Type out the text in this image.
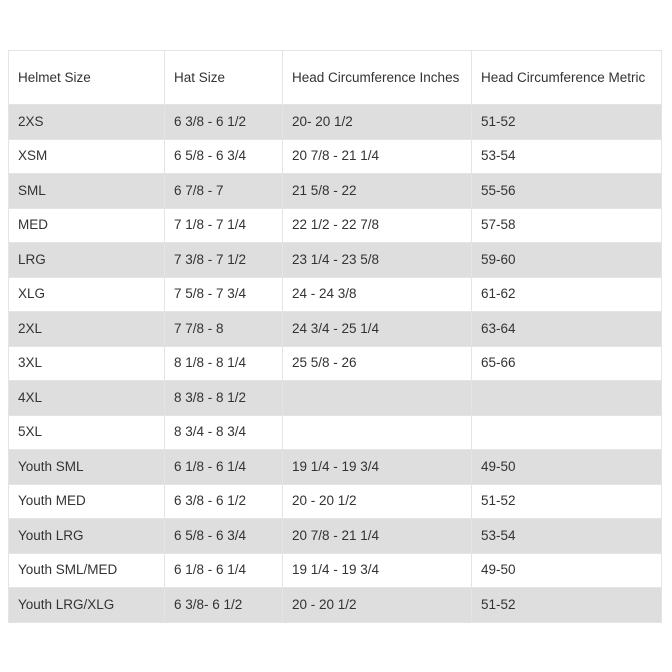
Helmet Size	Hat Size	Head Circumference Inches	Head Circumference Metric

2XS	6 3/8 - 6 1/2	20- 20 1/2	51-52
XSM	6 5/8 - 6 3/4	20 7/8 - 21 1/4	53-54
SML	6 7/8 - 7	21 5/8 - 22	55-56
MED	7 1/8 - 7 1/4	22 1/2 - 22 7/8	57-58
LRG	7 3/8 - 7 1/2	23 1/4 - 23 5/8	59-60
XLG	7 5/8 - 7 3/4	24 - 24 3/8	61-62
2XL	7 7/8 - 8	24 3/4 - 25 1/4	63-64
3XL	8 1/8 - 8 1/4	25 5/8 - 26	65-66
4XL	8 3/8 - 8 1/2		
5XL	8 3/4 - 8 3/4		
Youth SML	6 1/8 - 6 1/4	19 1/4 - 19 3/4	49-50
Youth MED	6 3/8 - 6 1/2	20 - 20 1/2	51-52
Youth LRG	6 5/8 - 6 3/4	20 7/8 - 21 1/4	53-54
Youth SML/MED	6 1/8 - 6 1/4	19 1/4 - 19 3/4	49-50
Youth LRG/XLG	6 3/8- 6 1/2	20 - 20 1/2	51-52
